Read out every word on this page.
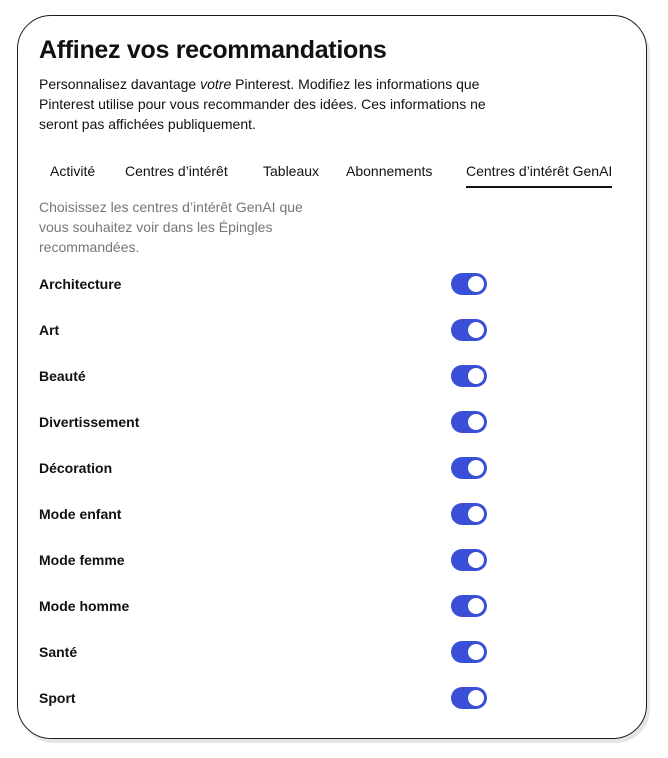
Affinez vos recommandations

Personnalisez davantage votre Pinterest. Modifiez les informations que Pinterest utilise pour vous recommander des idées. Ces informations ne seront pas affichées publiquement.

Activité Centres d’intérêt	Tableaux Abonnements Centres d’intérêt GenAI

Choisissez les centres d’intérêt GenAI que vous souhaitez voir dans les Épingles recommandées.

Architecture
Art
Beauté
Divertissement
Décoration
Mode enfant
Mode femme
Mode homme
Santé
Sport
